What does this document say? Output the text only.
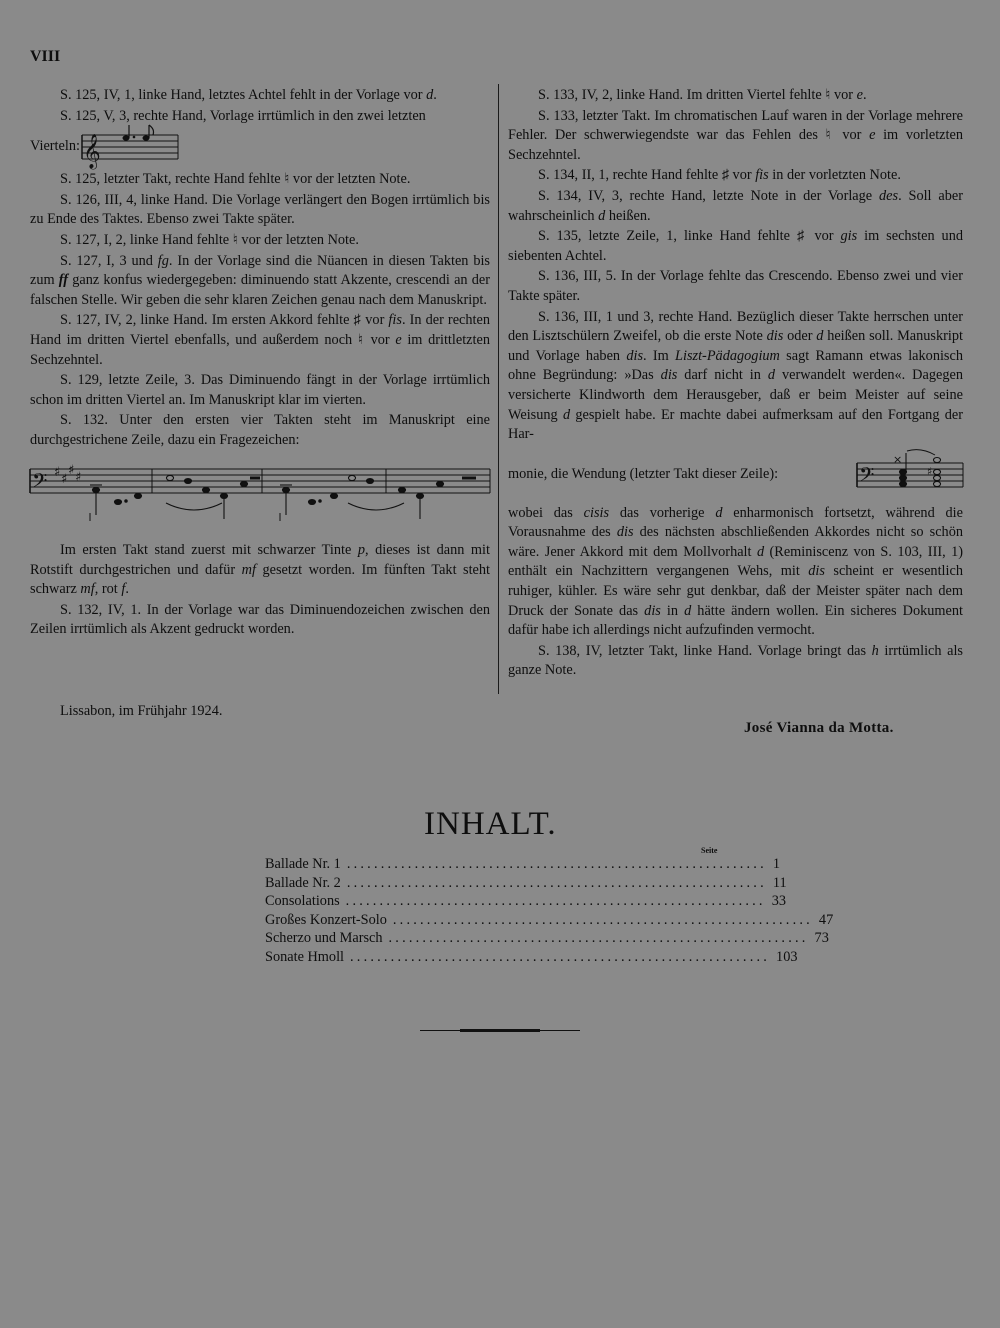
VIII

S. 125, IV, 1, linke Hand, letztes Achtel fehlt in der Vorlage vor d.

S. 125, V, 3, rechte Hand, Vorlage irrtümlich in den zwei letzten

Vierteln: 𝄞

S. 125, letzter Takt, rechte Hand fehlte ♮ vor der letzten Note.

S. 126, III, 4, linke Hand. Die Vorlage verlängert den Bogen irrtümlich bis zu Ende des Taktes. Ebenso zwei Takte später.

S. 127, I, 2, linke Hand fehlte ♮ vor der letzten Note.

S. 127, I, 3 und fg. In der Vorlage sind die Nüancen in diesen Takten bis zum ff ganz konfus wiedergegeben: diminuendo statt Akzente, crescendi an der falschen Stelle. Wir geben die sehr klaren Zeichen genau nach dem Manuskript.

S. 127, IV, 2, linke Hand. Im ersten Akkord fehlte ♯ vor fis. In der rechten Hand im dritten Viertel ebenfalls, und außerdem noch ♮ vor e im drittletzten Sechzehntel.

S. 129, letzte Zeile, 3. Das Diminuendo fängt in der Vorlage irrtümlich schon im dritten Viertel an. Im Manuskript klar im vierten.

S. 132. Unter den ersten vier Takten steht im Manuskript eine durchgestrichene Zeile, dazu ein Fragezeichen:

𝄢 ♯ ♯
♯ ♯

Im ersten Takt stand zuerst mit schwarzer Tinte p, dieses ist dann mit Rotstift durchgestrichen und dafür mf gesetzt worden. Im fünften Takt steht schwarz mf, rot f.

S. 132, IV, 1. In der Vorlage war das Diminuendozeichen zwischen den Zeilen irrtümlich als Akzent gedruckt worden.

S. 133, IV, 2, linke Hand. Im dritten Viertel fehlte ♮ vor e.

S. 133, letzter Takt. Im chromatischen Lauf waren in der Vorlage mehrere Fehler. Der schwerwiegendste war das Fehlen des ♮ vor e im vorletzten Sechzehntel.

S. 134, II, 1, rechte Hand fehlte ♯ vor fis in der vorletzten Note.

S. 134, IV, 3, rechte Hand, letzte Note in der Vorlage des. Soll aber wahrscheinlich d heißen.

S. 135, letzte Zeile, 1, linke Hand fehlte ♯ vor gis im sechsten und siebenten Achtel.

S. 136, III, 5. In der Vorlage fehlte das Crescendo. Ebenso zwei und vier Takte später.

S. 136, III, 1 und 3, rechte Hand. Bezüglich dieser Takte herrschen unter den Lisztschülern Zweifel, ob die erste Note dis oder d heißen soll. Manuskript und Vorlage haben dis. Im Liszt-Pädagogium sagt Ramann etwas lakonisch ohne Begründung: »Das dis darf nicht in d verwandelt werden«. Dagegen versicherte Klindworth dem Herausgeber, daß er beim Meister auf seine Weisung d gespielt habe. Er machte dabei aufmerksam auf den Fortgang der Har-

monie, die Wendung (letzter Takt dieser Zeile):	𝄢
×
♯

wobei das cisis das vorherige d enharmonisch fortsetzt, während die Vorausnahme des dis des nächsten abschließenden Akkordes nicht so schön wäre. Jener Akkord mit dem Mollvorhalt d (Reminiscenz von S. 103, III, 1) enthält ein Nachzittern vergangenen Wehs, mit dis scheint er wesentlich ruhiger, kühler. Es wäre sehr gut denkbar, daß der Meister später nach dem Druck der Sonate das dis in d hätte ändern wollen. Ein sicheres Dokument dafür habe ich allerdings nicht aufzufinden vermocht.

S. 138, IV, letzter Takt, linke Hand. Vorlage bringt das h irrtümlich als ganze Note.

Lissabon, im Frühjahr 1924.
José Vianna da Motta.
INHALT.
Seite
Ballade Nr. 1 .............................................................. 1
Ballade Nr. 2 .............................................................. 11
Consolations .............................................................. 33
Großes Konzert-Solo .............................................................. 47
Scherzo und Marsch .............................................................. 73
Sonate Hmoll .............................................................. 103
